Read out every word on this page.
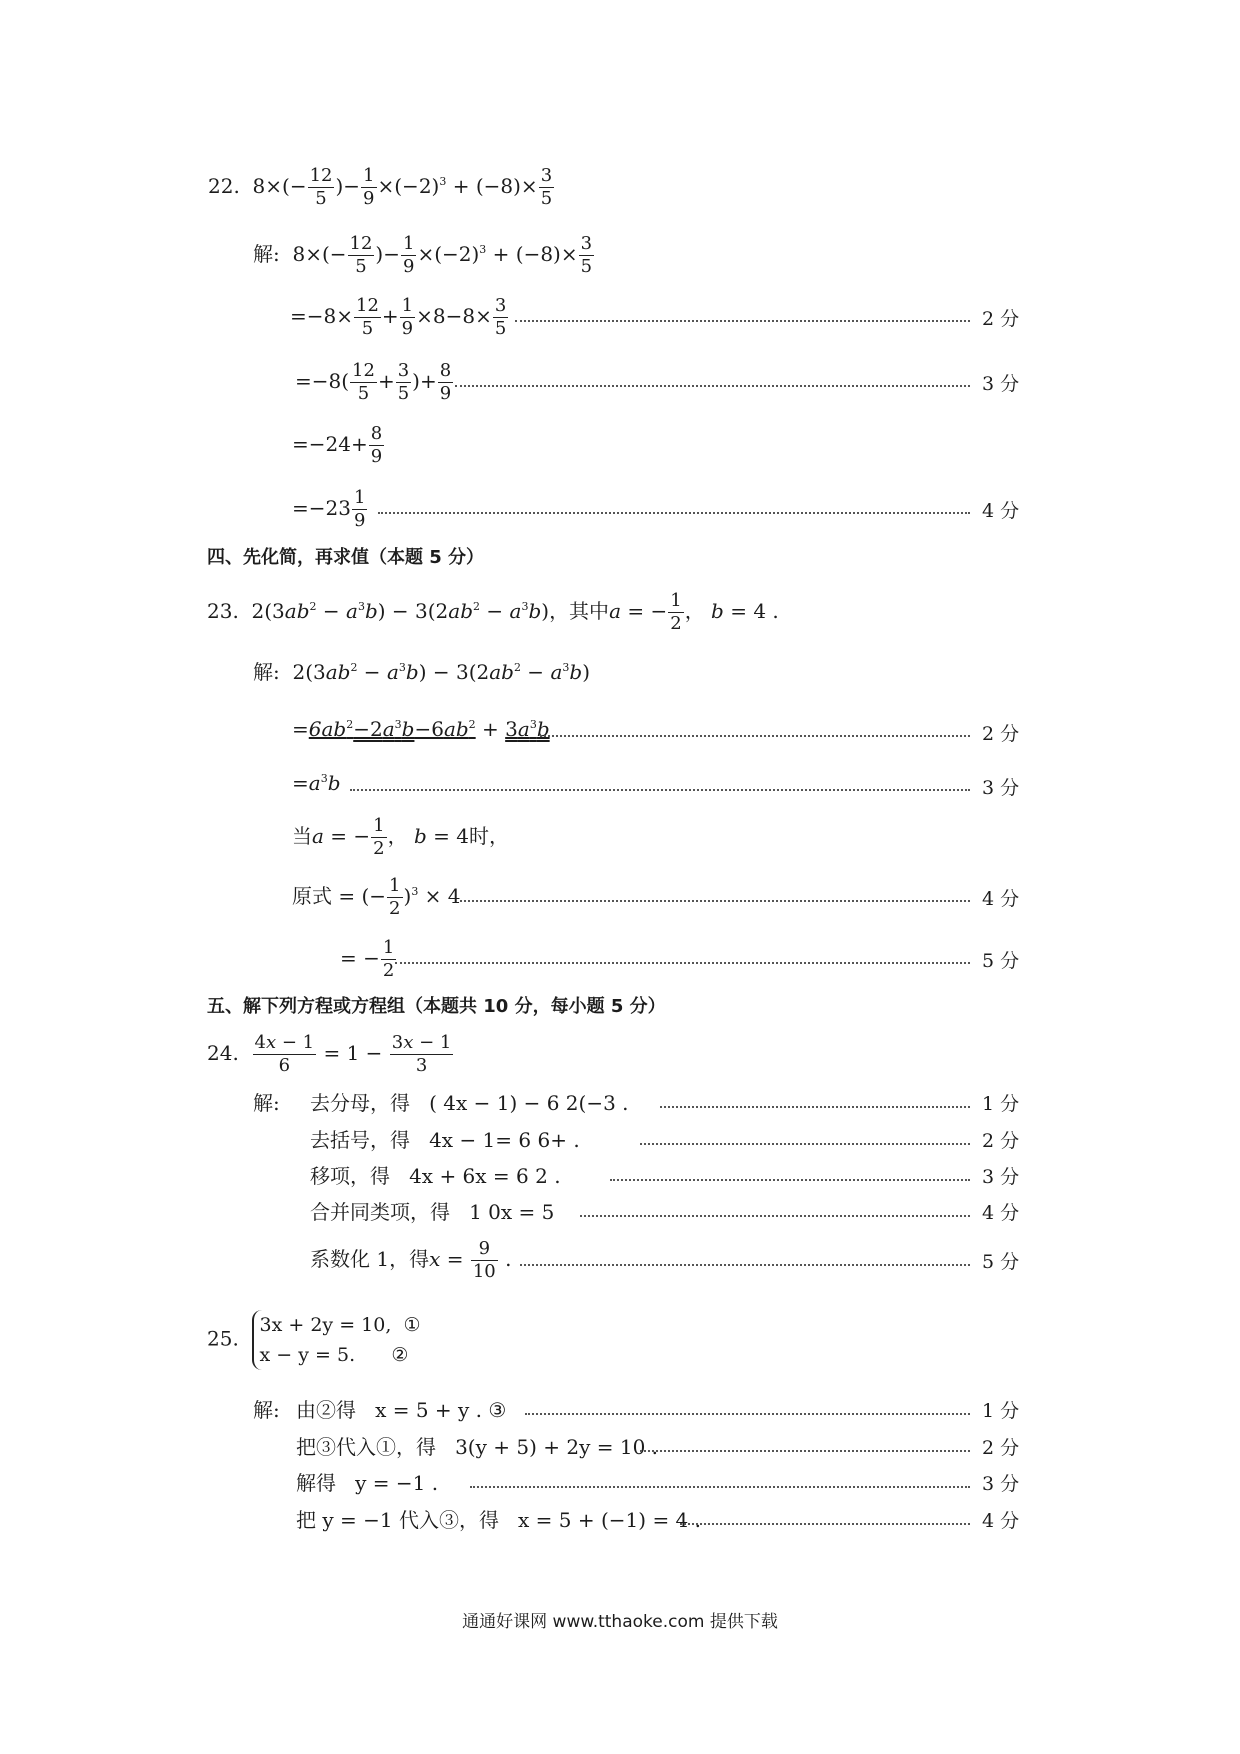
22.  $8\times(- \frac{12}{5}$ )− $\frac{1}{9} \times(-2)^3 + (-8)\times \frac{3}{5}$
解:  $8\times(- \frac{12}{5}$ )− $\frac{1}{9} \times(-2)^3 + (-8)\times \frac{3}{5}$
$=-8\times \frac{12}{5} + \frac{1}{9} \times 8-8\times \frac{3}{5}$	2 分
$=-8( \frac{12}{5} + \frac{3}{5}$ )+ $\frac{8}{9}$	3 分
$=-24+ \frac{8}{9}$
$=-23 \frac{1}{9}$	4 分
四、先化简，再求值（本题 5 分）
23.  $2(3ab^2 - a^3b) - 3(2ab^2 - a^3b)$，其中a = − $\frac{1}{2}$ ， b = 4 .
解:  $2(3ab^2 - a^3b) - 3(2ab^2 - a^3b)$
$=6ab^2-2a^3b-6ab^2 + 3a^3b$	2 分
$=a^3b$	3 分
当a = − $\frac{1}{2}$ ， b = 4时，
原式 = (− $\frac{1}{2} )^3 \times 4$	4 分
= − $\frac{1}{2}$	5 分
五、解下列方程或方程组（本题共 10 分，每小题 5 分）
24. $\frac{4x - 1}{6} = 1 - \frac{3x - 1}{3}$
解: 去分母，得 ( 4x − 1) − 6 2(−3 .	1 分
去括号，得 4x − 1= 6 6+ .	2 分
移项，得 4x + 6x = 6 2 .	3 分
合并同类项，得 1 0x = 5	4 分
系数化 1，得$x = \frac{9}{10}$ .	5 分
25.
3x + 2y = 10, ①
x − y = 5. ②
解: 由②得 x = 5 + y . ③	1 分
把③代入①，得 3(y + 5) + 2y = 10 .	2 分
解得 y = −1 .	3 分
把 y = −1 代入③，得 x = 5 + (−1) = 4 .	4 分
通通好课网 www.tthaoke.com 提供下载
